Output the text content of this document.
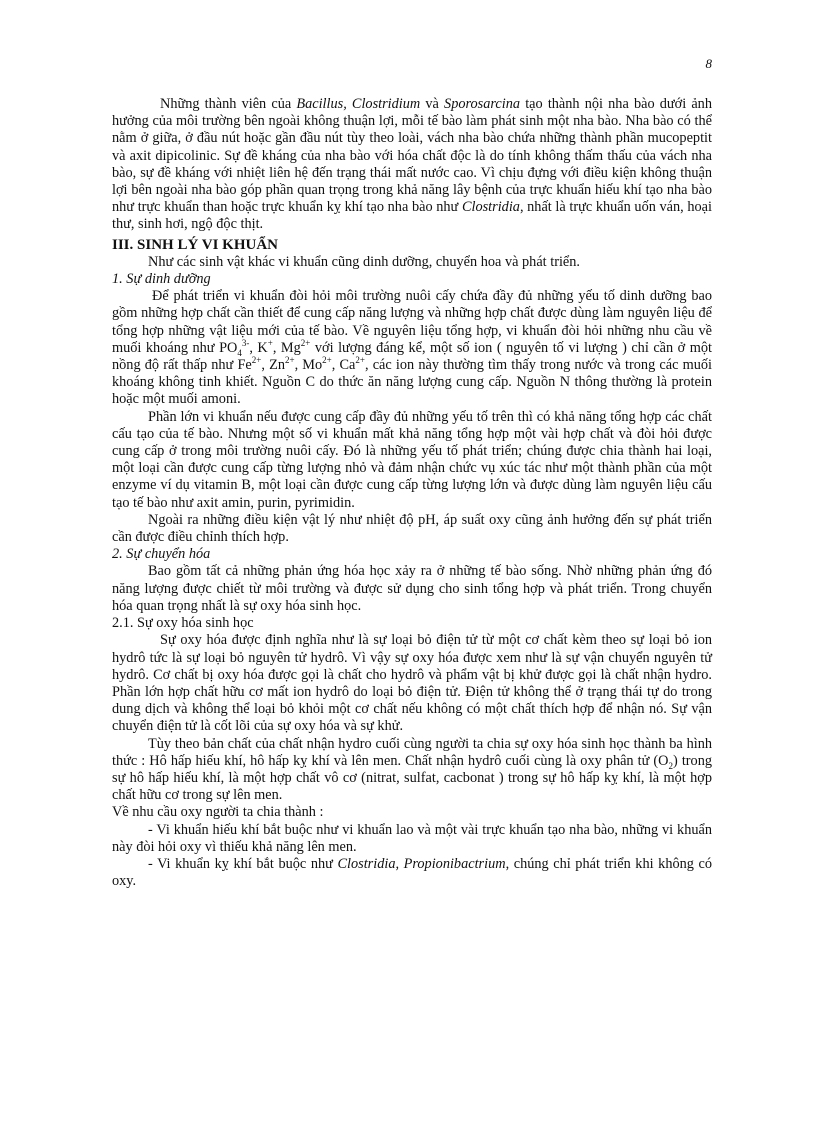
8

Những thành viên của Bacillus, Clostridium và Sporosarcina tạo thành nội nha bào dưới ảnh hưởng của môi trường bên ngoài không thuận lợi, mỗi tế bào làm phát sinh một nha bào. Nha bào có thể nằm ở giữa, ở đầu nút hoặc gần đầu nút tùy theo loài, vách nha bào chứa những thành phần mucopeptit và axit dipicolinic. Sự đề kháng của nha bào với hóa chất độc là do tính không thấm thấu của vách nha bào, sự đề kháng với nhiệt liên hệ đến trạng thái mất nước cao. Vì chịu đựng với điều kiện không thuận lợi bên ngoài nha bào góp phần quan trọng trong khả năng lây bệnh của trực khuẩn hiếu khí tạo nha bào như trực khuẩn than hoặc trực khuẩn kỵ khí tạo nha bào như Clostridia, nhất là trực khuẩn uốn ván, hoại thư, sinh hơi, ngộ độc thịt.

III. SINH LÝ VI KHUẨN

Như các sinh vật khác vi khuẩn cũng dinh dưỡng, chuyển hoa và phát triển.

1. Sự dinh dưỡng

Để phát triển vi khuẩn đòi hỏi môi trường nuôi cấy chứa đầy đủ những yếu tố dinh dưỡng bao gồm những hợp chất cần thiết để cung cấp năng lượng và những hợp chất được dùng làm nguyên liệu để tổng hợp những vật liệu mới của tế bào. Về nguyên liệu tổng hợp, vi khuẩn đòi hỏi những nhu cầu về muối khoáng như $PO_4^{3-}$, K+, $Mg^{2+}$ với lượng đáng kể, một số ion ( nguyên tố vi lượng ) chỉ cần ở một nồng độ rất thấp như $Fe^{2+}$, $Zn^{2+}$, $Mo^{2+}$, $Ca^{2+}$, các ion này thường tìm thấy trong nước và trong các muối khoáng không tinh khiết. Nguồn C do thức ăn năng lượng cung cấp. Nguồn N thông thường là protein hoặc một muối amoni.

Phần lớn vi khuẩn nếu được cung cấp đầy đủ những yếu tố trên thì có khả năng tổng hợp các chất cấu tạo của tế bào. Nhưng một số vi khuẩn mất khả năng tổng hợp một vài hợp chất và đòi hỏi được cung cấp ở trong môi trường nuôi cấy. Đó là những yếu tố phát triển; chúng được chia thành hai loại, một loại cần được cung cấp từng lượng nhỏ và đảm nhận chức vụ xúc tác như một thành phần của một enzyme ví dụ vitamin B, một loại cần được cung cấp từng lượng lớn và được dùng làm nguyên liệu cấu tạo tế bào như axit amin, purin, pyrimidin.

Ngoài ra những điều kiện vật lý như nhiệt độ pH, áp suất oxy cũng ảnh hưởng đến sự phát triển cần được điều chỉnh thích hợp.

2. Sự chuyển hóa

Bao gồm tất cả những phản ứng hóa học xảy ra ở những tế bào sống. Nhờ những phản ứng đó năng lượng được chiết từ môi trường và được sử dụng cho sinh tổng hợp và phát triển. Trong chuyển hóa quan trọng nhất là sự oxy hóa sinh học.

2.1. Sự oxy hóa sinh học

Sự oxy hóa được định nghĩa như là sự loại bỏ điện tử từ một cơ chất kèm theo sự loại bỏ ion hydrô tức là sự loại bỏ nguyên tử hydrô. Vì vậy sự oxy hóa được xem như là sự vận chuyển nguyên tử hydrô. Cơ chất bị oxy hóa được gọi là chất cho hydrô và phẩm vật bị khử được gọi là chất nhận hydro. Phần lớn hợp chất hữu cơ mất ion hydrô do loại bỏ điện tử. Điện tử không thể ở trạng thái tự do trong dung dịch và không thể loại bỏ khỏi một cơ chất nếu không có một chất thích hợp để nhận nó. Sự vận chuyển điện tử là cốt lõi của sự oxy hóa và sự khử.

Tùy theo bản chất của chất nhận hydro cuối cùng người ta chia sự oxy hóa sinh học thành ba hình thức : Hô hấp hiếu khí, hô hấp kỵ khí và lên men. Chất nhận hydrô cuối cùng là oxy phân tử $(O_2)$ trong sự hô hấp hiếu khí, là một hợp chất vô cơ (nitrat, sulfat, cacbonat ) trong sự hô hấp kỵ khí, là một hợp chất hữu cơ trong sự lên men.

Về nhu cầu oxy người ta chia thành :

- Vi khuẩn hiếu khí bắt buộc như vi khuẩn lao và một vài trực khuẩn tạo nha bào, những vi khuẩn này đòi hỏi oxy vì thiếu khả năng lên men.

- Vi khuẩn kỵ khí bắt buộc như Clostridia, Propionibactrium, chúng chỉ phát triển khi không có oxy.
